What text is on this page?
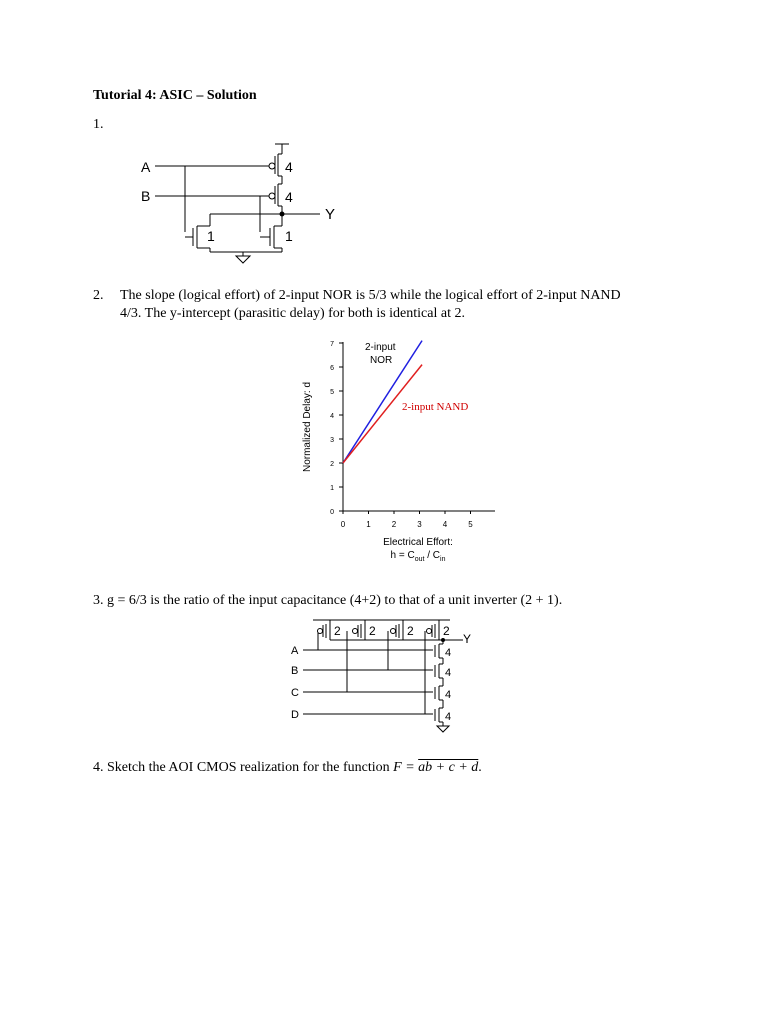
Tutorial 4: ASIC – Solution
1.
A
B
Y
4
4
1	1
2. The slope (logical effort) of 2-input NOR is 5/3 while the logical effort of 2-input NAND
4/3. The y-intercept (parasitic delay) for both is identical at 2.
0
1
2
3
4
5
6
7
0	1	2	3	4	5
Normalized Delay: d
Electrical Effort:
$h = C_{out} / C_{in}$
2-input
NOR
2-input NAND
3. g = 6/3 is the ratio of the input capacitance (4+2) to that of a unit inverter (2 + 1).
2 2	2 2
Y
A
B
C
D
4
4
4
4
4. Sketch the AOI CMOS realization for the function F = ab + c + d.
